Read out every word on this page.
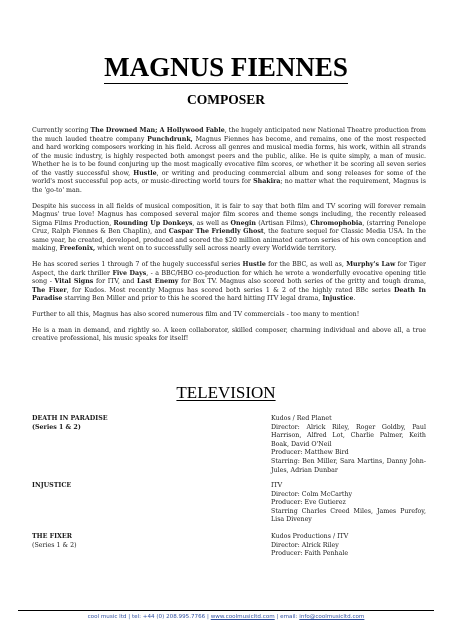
MAGNUS FIENNES
COMPOSER

Currently scoring The Drowned Man; A Hollywood Fable, the hugely anticipated new National Theatre production from the much lauded theatre company Punchdrunk, Magnus Fiennes has become, and remains, one of the most respected and hard working composers working in his field. Across all genres and musical media forms, his work, within all strands of the music industry, is highly respected both amongst peers and the public, alike. He is quite simply, a man of music. Whether he is to be found conjuring up the most magically evocative film scores, or whether it be scoring all seven series of the vastly successful show, Hustle, or writing and producing commercial album and song releases for some of the world's most successful pop acts, or music-directing world tours for Shakira; no matter what the requirement, Magnus is the 'go-to' man.

Despite his success in all fields of musical composition, it is fair to say that both film and TV scoring will forever remain Magnus' true love! Magnus has composed several major film scores and theme songs including, the recently released Sigma Films Production, Rounding Up Donkeys, as well as Onegin (Artisan Films), Chromophobia, (starring Penelope Cruz, Ralph Fiennes & Ben Chaplin), and Caspar The Friendly Ghost, the feature sequel for Classic Media USA. In the same year, he created, developed, produced and scored the $20 million animated cartoon series of his own conception and making, Freefonix, which went on to successfully sell across nearly every Worldwide territory.

He has scored series 1 through 7 of the hugely successful series Hustle for the BBC, as well as, Murphy's Law for Tiger Aspect, the dark thriller Five Days, - a BBC/HBO co-production for which he wrote a wonderfully evocative opening title song - Vital Signs for ITV, and Last Enemy for Box TV. Magnus also scored both series of the gritty and tough drama, The Fixer, for Kudos. Most recently Magnus has scored both series 1 & 2 of the highly rated BBc series Death In Paradise starring Ben Miller and prior to this he scored the hard hitting ITV legal drama, Injustice.

Further to all this, Magnus has also scored numerous film and TV commercials - too many to mention!

He is a man in demand, and rightly so. A keen collaborator, skilled composer, charming individual and above all, a true creative professional, his music speaks for itself!

TELEVISION
DEATH IN PARADISE
(Series 1 & 2)
Kudos / Red Planet
Director: Alrick Riley, Roger Goldby, Paul Harrison, Alfred Lot, Charlie Palmer, Keith Boak, David O'Neil
Producer: Matthew Bird
Starring: Ben Miller, Sara Martins, Danny John-Jules, Adrian Dunbar
INJUSTICE	ITV
Director: Colm McCarthy
Producer: Eve Gutierez
Starring Charles Creed Miles, James Purefoy, Lisa Diveney
THE FIXER
(Series 1 & 2)
Kudos Productions / ITV
Director: Alrick Riley
Producer: Faith Penhale
cool music ltd | tel: +44 (0) 208.995.7766 | www.coolmusicltd.com | email: info@coolmusicltd.com
